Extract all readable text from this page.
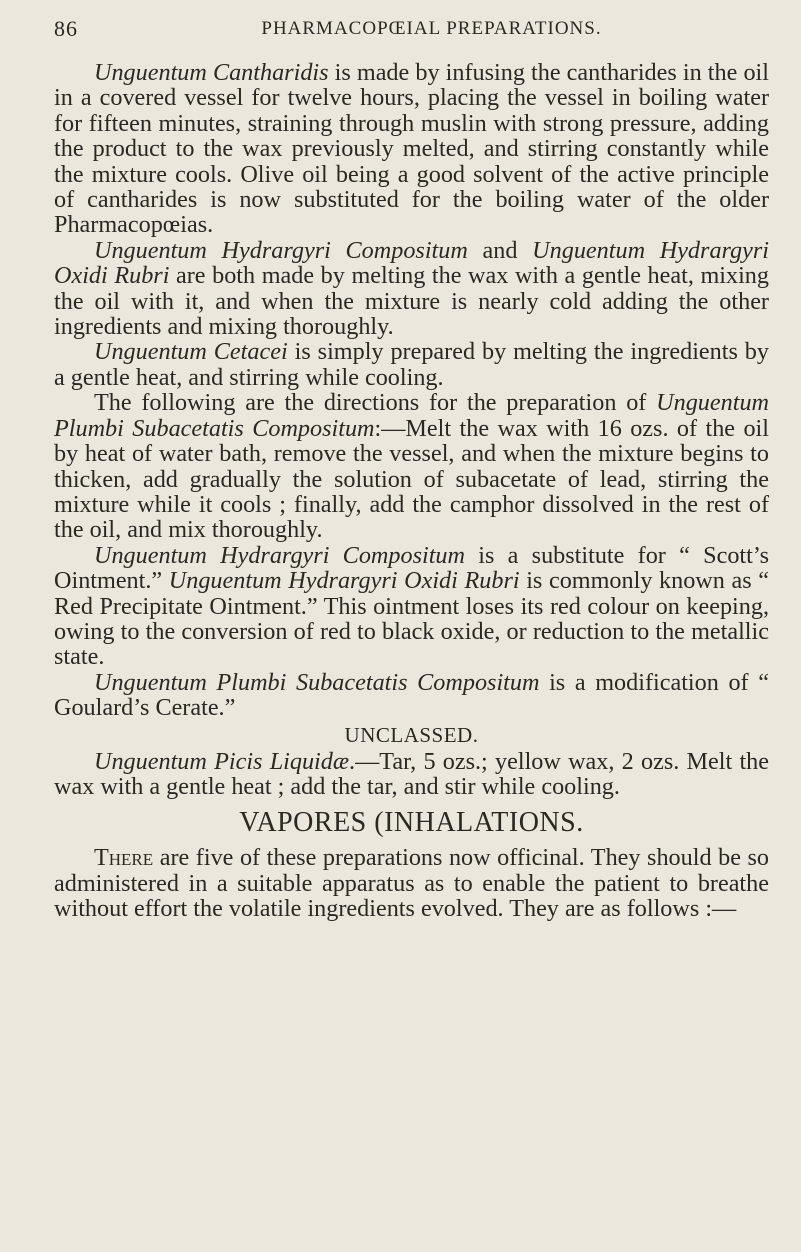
86	PHARMACOPŒIAL PREPARATIONS.

Unguentum Cantharidis is made by infusing the cantharides in the oil in a covered vessel for twelve hours, placing the vessel in boiling water for fifteen minutes, straining through muslin with strong pressure, adding the product to the wax previously melted, and stirring constantly while the mixture cools. Olive oil being a good solvent of the active principle of cantharides is now substituted for the boiling water of the older Pharmacopœias.

Unguentum Hydrargyri Compositum and Unguentum Hydrargyri Oxidi Rubri are both made by melting the wax with a gentle heat, mixing the oil with it, and when the mixture is nearly cold adding the other ingredients and mixing thoroughly.

Unguentum Cetacei is simply prepared by melting the ingredients by a gentle heat, and stirring while cooling.

The following are the directions for the preparation of Unguentum Plumbi Subacetatis Compositum:—Melt the wax with 16 ozs. of the oil by heat of water bath, remove the vessel, and when the mixture begins to thicken, add gradually the solution of subacetate of lead, stirring the mixture while it cools ; finally, add the camphor dissolved in the rest of the oil, and mix thoroughly.

Unguentum Hydrargyri Compositum is a substitute for “ Scott’s Ointment.” Unguentum Hydrargyri Oxidi Rubri is commonly known as “ Red Precipitate Ointment.” This ointment loses its red colour on keeping, owing to the conversion of red to black oxide, or reduction to the metallic state.

Unguentum Plumbi Subacetatis Compositum is a modification of “ Goulard’s Cerate.”

UNCLASSED.

Unguentum Picis Liquidæ.—Tar, 5 ozs.; yellow wax, 2 ozs. Melt the wax with a gentle heat ; add the tar, and stir while cooling.

VAPORES (INHALATIONS.

There are five of these preparations now officinal. They should be so administered in a suitable apparatus as to enable the patient to breathe without effort the volatile ingredients evolved. They are as follows :—
